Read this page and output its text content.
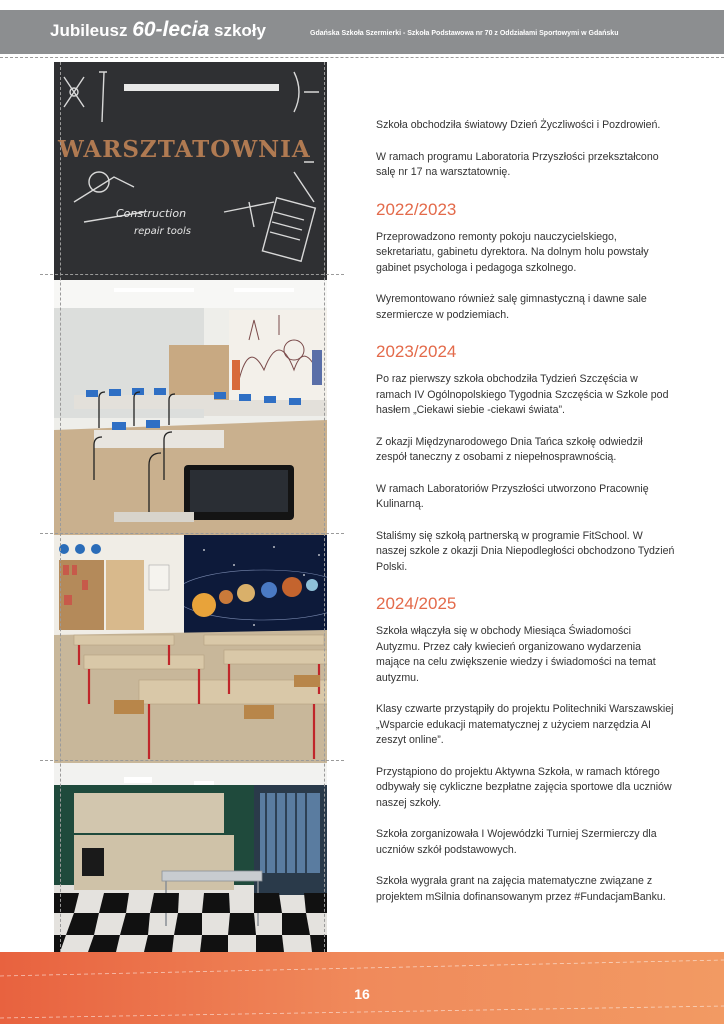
Jubileusz 60-lecia szkoły	Gdańska Szkoła Szermierki - Szkoła Podstawowa nr 70 z Oddziałami Sportowymi w Gdańsku
WARSZTATOWNIA
Construction
repair tools

Szkoła obchodziła światowy Dzień Życzliwości i Pozdrowień.

W ramach programu Laboratoria Przyszłości przekształcono salę nr 17 na warsztatownię.

2022/2023

Przeprowadzono remonty pokoju nauczycielskiego, sekretariatu, gabinetu dyrektora. Na dolnym holu powstały gabinet psychologa i pedagoga szkolnego.

Wyremontowano również salę gimnastyczną i dawne sale szermiercze w podziemiach.

2023/2024

Po raz pierwszy szkoła obchodziła Tydzień Szczęścia w ramach IV Ogólnopolskiego Tygodnia Szczęścia w Szkole pod hasłem „Ciekawi siebie -ciekawi świata”.

Z okazji Międzynarodowego Dnia Tańca szkołę odwiedził zespół taneczny z osobami z niepełnosprawnością.

W ramach Laboratoriów Przyszłości utworzono Pracownię Kulinarną.

Staliśmy się szkołą partnerską w programie FitSchool. W naszej szkole z okazji Dnia Niepodległości obchodzono Tydzień Polski.

2024/2025

Szkoła włączyła się w obchody Miesiąca Świadomości Autyzmu. Przez cały kwiecień organizowano wydarzenia mające na celu zwiększenie wiedzy i świadomości na temat autyzmu.

Klasy czwarte przystąpiły do projektu Politechniki Warszawskiej „Wsparcie edukacji matematycznej z użyciem narzędzia AI zeszyt online”.

Przystąpiono do projektu Aktywna Szkoła, w ramach którego odbywały się cykliczne bezpłatne zajęcia sportowe dla uczniów naszej szkoły.

Szkoła zorganizowała I Wojewódzki Turniej Szermierczy dla uczniów szkół podstawowych.

Szkoła wygrała grant na zajęcia matematyczne związane z projektem mSilnia dofinansowanym przez #FundacjamBanku.

16
